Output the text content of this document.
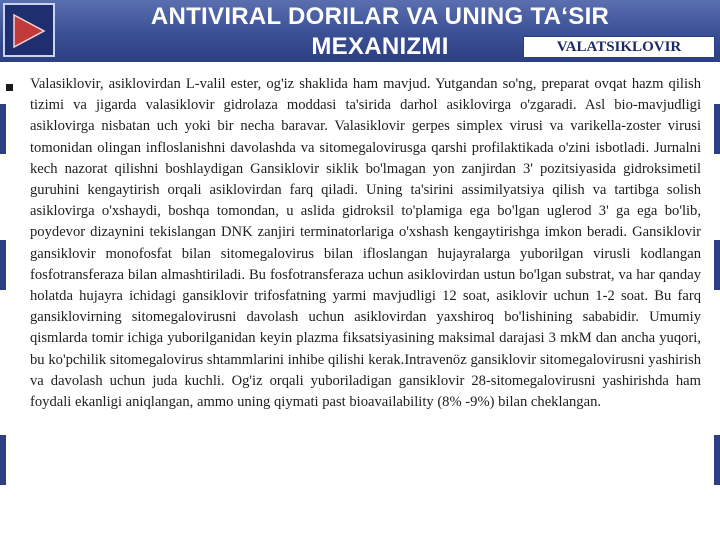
ANTIVIRAL DORILAR VA UNING TA‘SIR
MEXANIZMI	VALATSIKLOVIR
Valasiklovir, asiklovirdan L-valil ester, og'iz shaklida ham mavjud. Yutgandan so'ng, preparat ovqat hazm qilish tizimi va jigarda valasiklovir gidrolaza moddasi ta'sirida darhol asiklovirga o'zgaradi. Asl bio-mavjudligi asiklovirga nisbatan uch yoki bir necha baravar. Valasiklovir gerpes simplex virusi va varikella-zoster virusi tomonidan olingan infloslanishni davolashda va sitomegalovirusga qarshi profilaktikada o'zini isbotladi. Jurnalni kech nazorat qilishni boshlaydigan Gansiklovir siklik bo'lmagan yon zanjirdan 3' pozitsiyasida gidroksimetil guruhini kengaytirish orqali asiklovirdan farq qiladi. Uning ta'sirini assimilyatsiya qilish va tartibga solish asiklovirga o'xshaydi, boshqa tomondan, u aslida gidroksil to'plamiga ega bo'lgan uglerod 3' ga ega bo'lib, poydevor dizaynini tekislangan DNK zanjiri terminatorlariga o'xshash kengaytirishga imkon beradi. Gansiklovir gansiklovir monofosfat bilan sitomegalovirus bilan ifloslangan hujayralarga yuborilgan virusli kodlangan fosfotransferaza bilan almashtiriladi. Bu fosfotransferaza uchun asiklovirdan ustun bo'lgan substrat, va har qanday holatda hujayra ichidagi gansiklovir trifosfatning yarmi mavjudligi 12 soat, asiklovir uchun 1-2 soat. Bu farq gansiklovirning sitomegalovirusni davolash uchun asiklovirdan yaxshiroq bo'lishining sababidir. Umumiy qismlarda tomir ichiga yuborilganidan keyin plazma fiksatsiyasining maksimal darajasi 3 mkM dan ancha yuqori, bu ko'pchilik sitomegalovirus shtammlarini inhibe qilishi kerak.Intravenöz gansiklovir sitomegalovirusni yashirish va davolash uchun juda kuchli. Og'iz orqali yuboriladigan gansiklovir 28-sitomegalovirusni yashirishda ham foydali ekanligi aniqlangan, ammo uning qiymati past bioavailability (8% -9%) bilan cheklangan.
